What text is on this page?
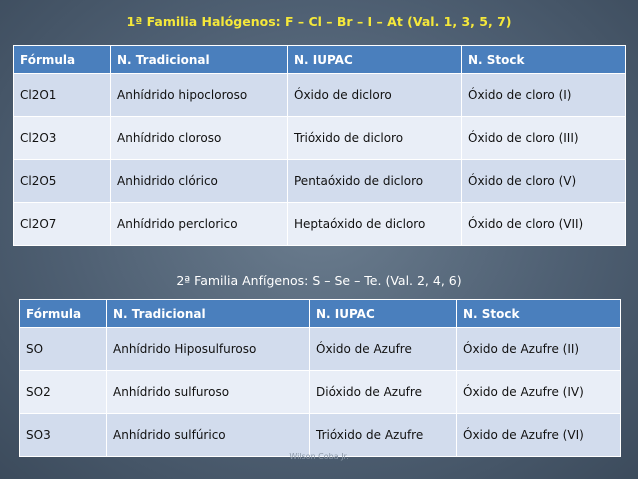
1ª Familia Halógenos: F – Cl – Br – I – At (Val. 1, 3, 5, 7)
Fórmula	N. Tradicional	N. IUPAC	N. Stock
Cl2O1	Anhídrido hipocloroso	Óxido de dicloro	Óxido de cloro (I)
Cl2O3	Anhídrido cloroso	Trióxido de dicloro	Óxido de cloro (III)
Cl2O5	Anhidrido clórico	Pentaóxido de dicloro	Óxido de cloro (V)
Cl2O7	Anhídrido perclorico	Heptaóxido de dicloro	Óxido de cloro (VII)
2ª Familia Anfígenos: S – Se – Te. (Val. 2, 4, 6)
Fórmula	N. Tradicional	N. IUPAC	N. Stock
SO	Anhídrido Hiposulfuroso	Óxido de Azufre	Óxido de Azufre (II)
SO2	Anhídrido sulfuroso	Dióxido de Azufre	Óxido de Azufre (IV)
SO3	Anhídrido sulfúrico	Trióxido de Azufre	Óxido de Azufre (VI)
Wilson Coba Jr.
